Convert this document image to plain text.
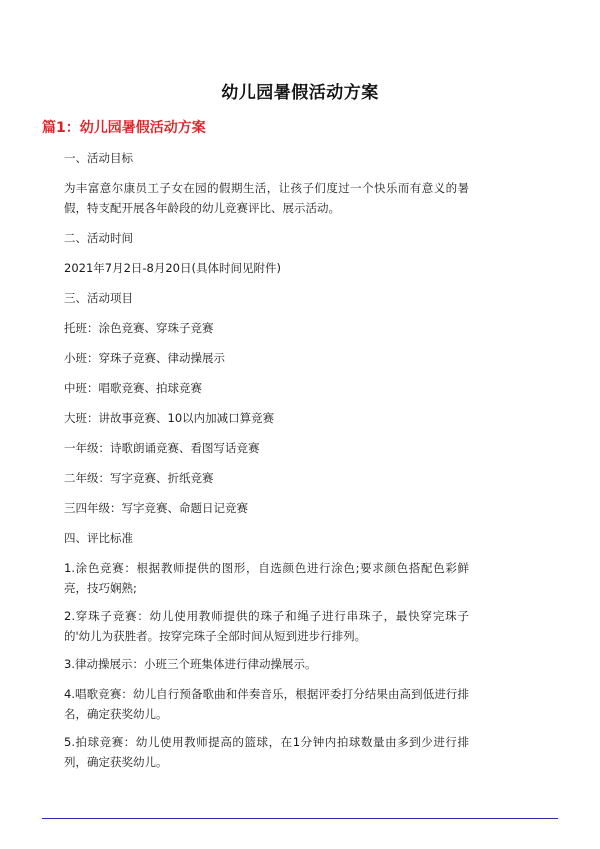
幼儿园暑假活动方案
篇1：幼儿园暑假活动方案
一、活动目标
为丰富意尔康员工子女在园的假期生活，让孩子们度过一个快乐而有意义的暑假，特支配开展各年龄段的幼儿竞赛评比、展示活动。
二、活动时间
2021年7月2日-8月20日(具体时间见附件)
三、活动项目
托班：涂色竞赛、穿珠子竞赛
小班：穿珠子竞赛、律动操展示
中班：唱歌竞赛、拍球竞赛
大班：讲故事竞赛、10以内加减口算竞赛
一年级：诗歌朗诵竞赛、看图写话竞赛
二年级：写字竞赛、折纸竞赛
三四年级：写字竞赛、命题日记竞赛
四、评比标准
1.涂色竞赛：根据教师提供的图形，自选颜色进行涂色;要求颜色搭配色彩鲜亮，技巧娴熟;
2.穿珠子竞赛：幼儿使用教师提供的珠子和绳子进行串珠子，最快穿完珠子的'幼儿为获胜者。按穿完珠子全部时间从短到进步行排列。
3.律动操展示：小班三个班集体进行律动操展示。
4.唱歌竞赛：幼儿自行预备歌曲和伴奏音乐，根据评委打分结果由高到低进行排名，确定获奖幼儿。
5.拍球竞赛：幼儿使用教师提高的篮球，在1分钟内拍球数量由多到少进行排列，确定获奖幼儿。
